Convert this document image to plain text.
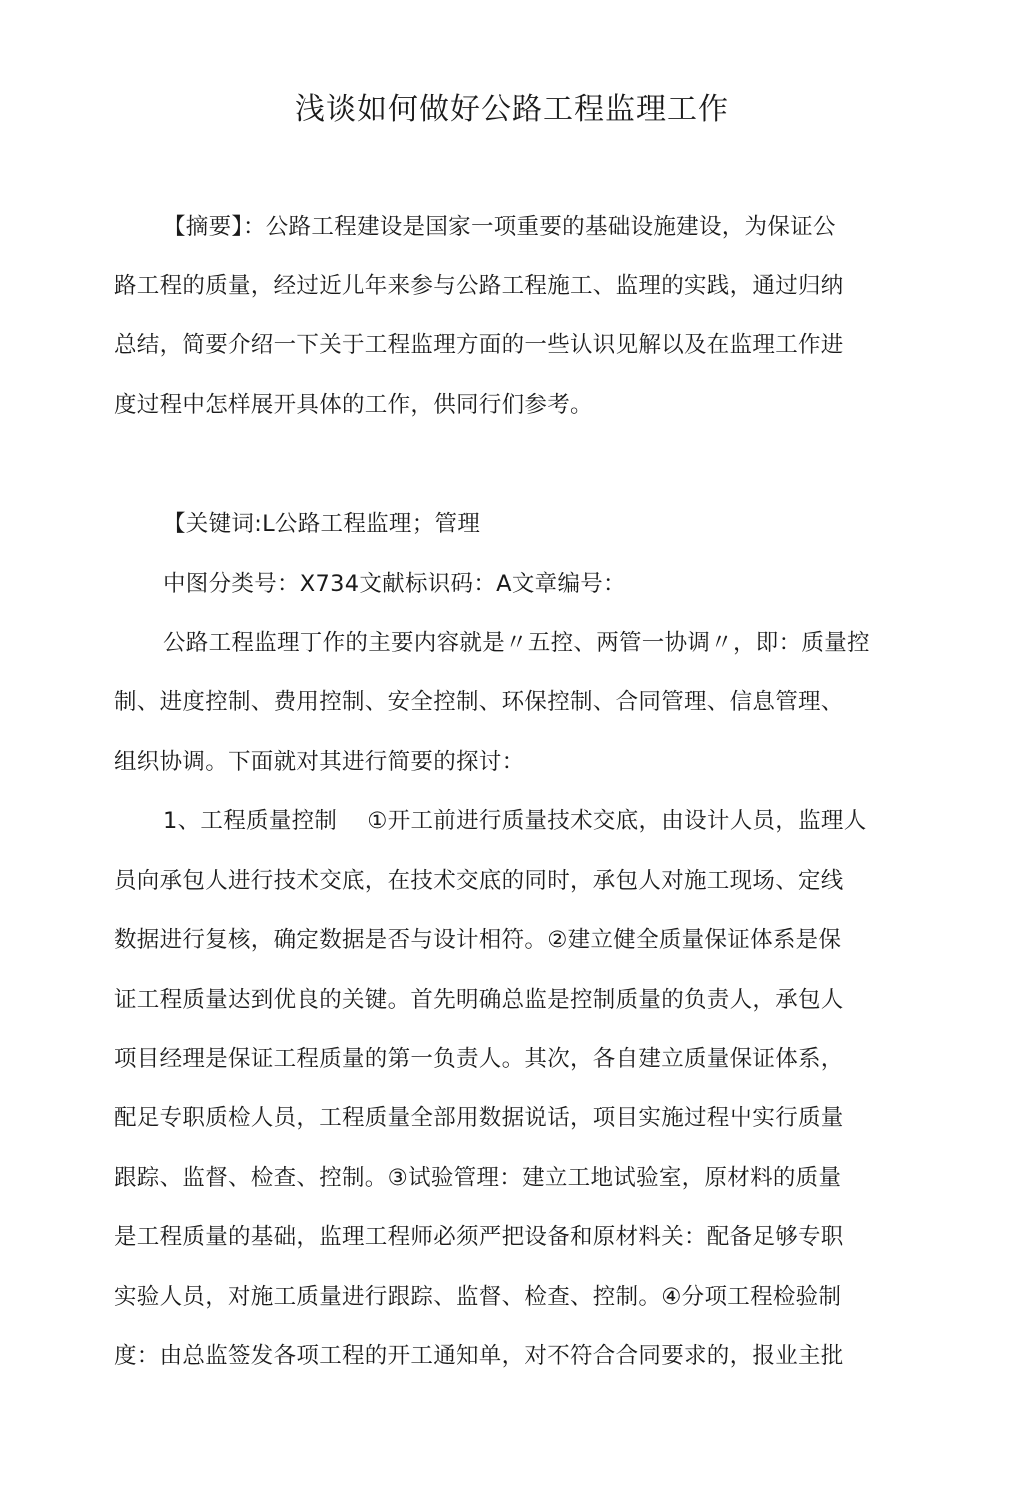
浅谈如何做好公路工程监理工作
【摘要】：公路工程建设是国家一项重要的基础设施建设，为保证公
路工程的质量，经过近儿年来参与公路工程施工、监理的实践，通过归纳
总结，简要介绍一下关于工程监理方面的一些认识见解以及在监理工作进
度过程中怎样展开具体的工作，供同行们参考。
【关键词:L公路工程监理；管理
中图分类号：X734文献标识码：A文章编号：
公路工程监理丁作的主要内容就是〃五控、两管一协调〃，即：质量控
制、进度控制、费用控制、安全控制、环保控制、合同管理、信息管理、
组织协调。下面就对其进行简要的探讨：
1、工程质量控制 ①开工前进行质量技术交底，由设计人员，监理人
员向承包人进行技术交底，在技术交底的同时，承包人对施工现场、定线
数据进行复核，确定数据是否与设计相符。②建立健全质量保证体系是保
证工程质量达到优良的关键。首先明确总监是控制质量的负责人，承包人
项目经理是保证工程质量的第一负责人。其次，各自建立质量保证体系，
配足专职质检人员，工程质量全部用数据说话，项目实施过程屮实行质量
跟踪、监督、检查、控制。③试验管理：建立工地试验室，原材料的质量
是工程质量的基础，监理工程师必须严把设备和原材料关：配备足够专职
实验人员，对施工质量进行跟踪、监督、检查、控制。④分项工程检验制
度：由总监签发各项工程的开工通知单，对不符合合同要求的，报业主批
